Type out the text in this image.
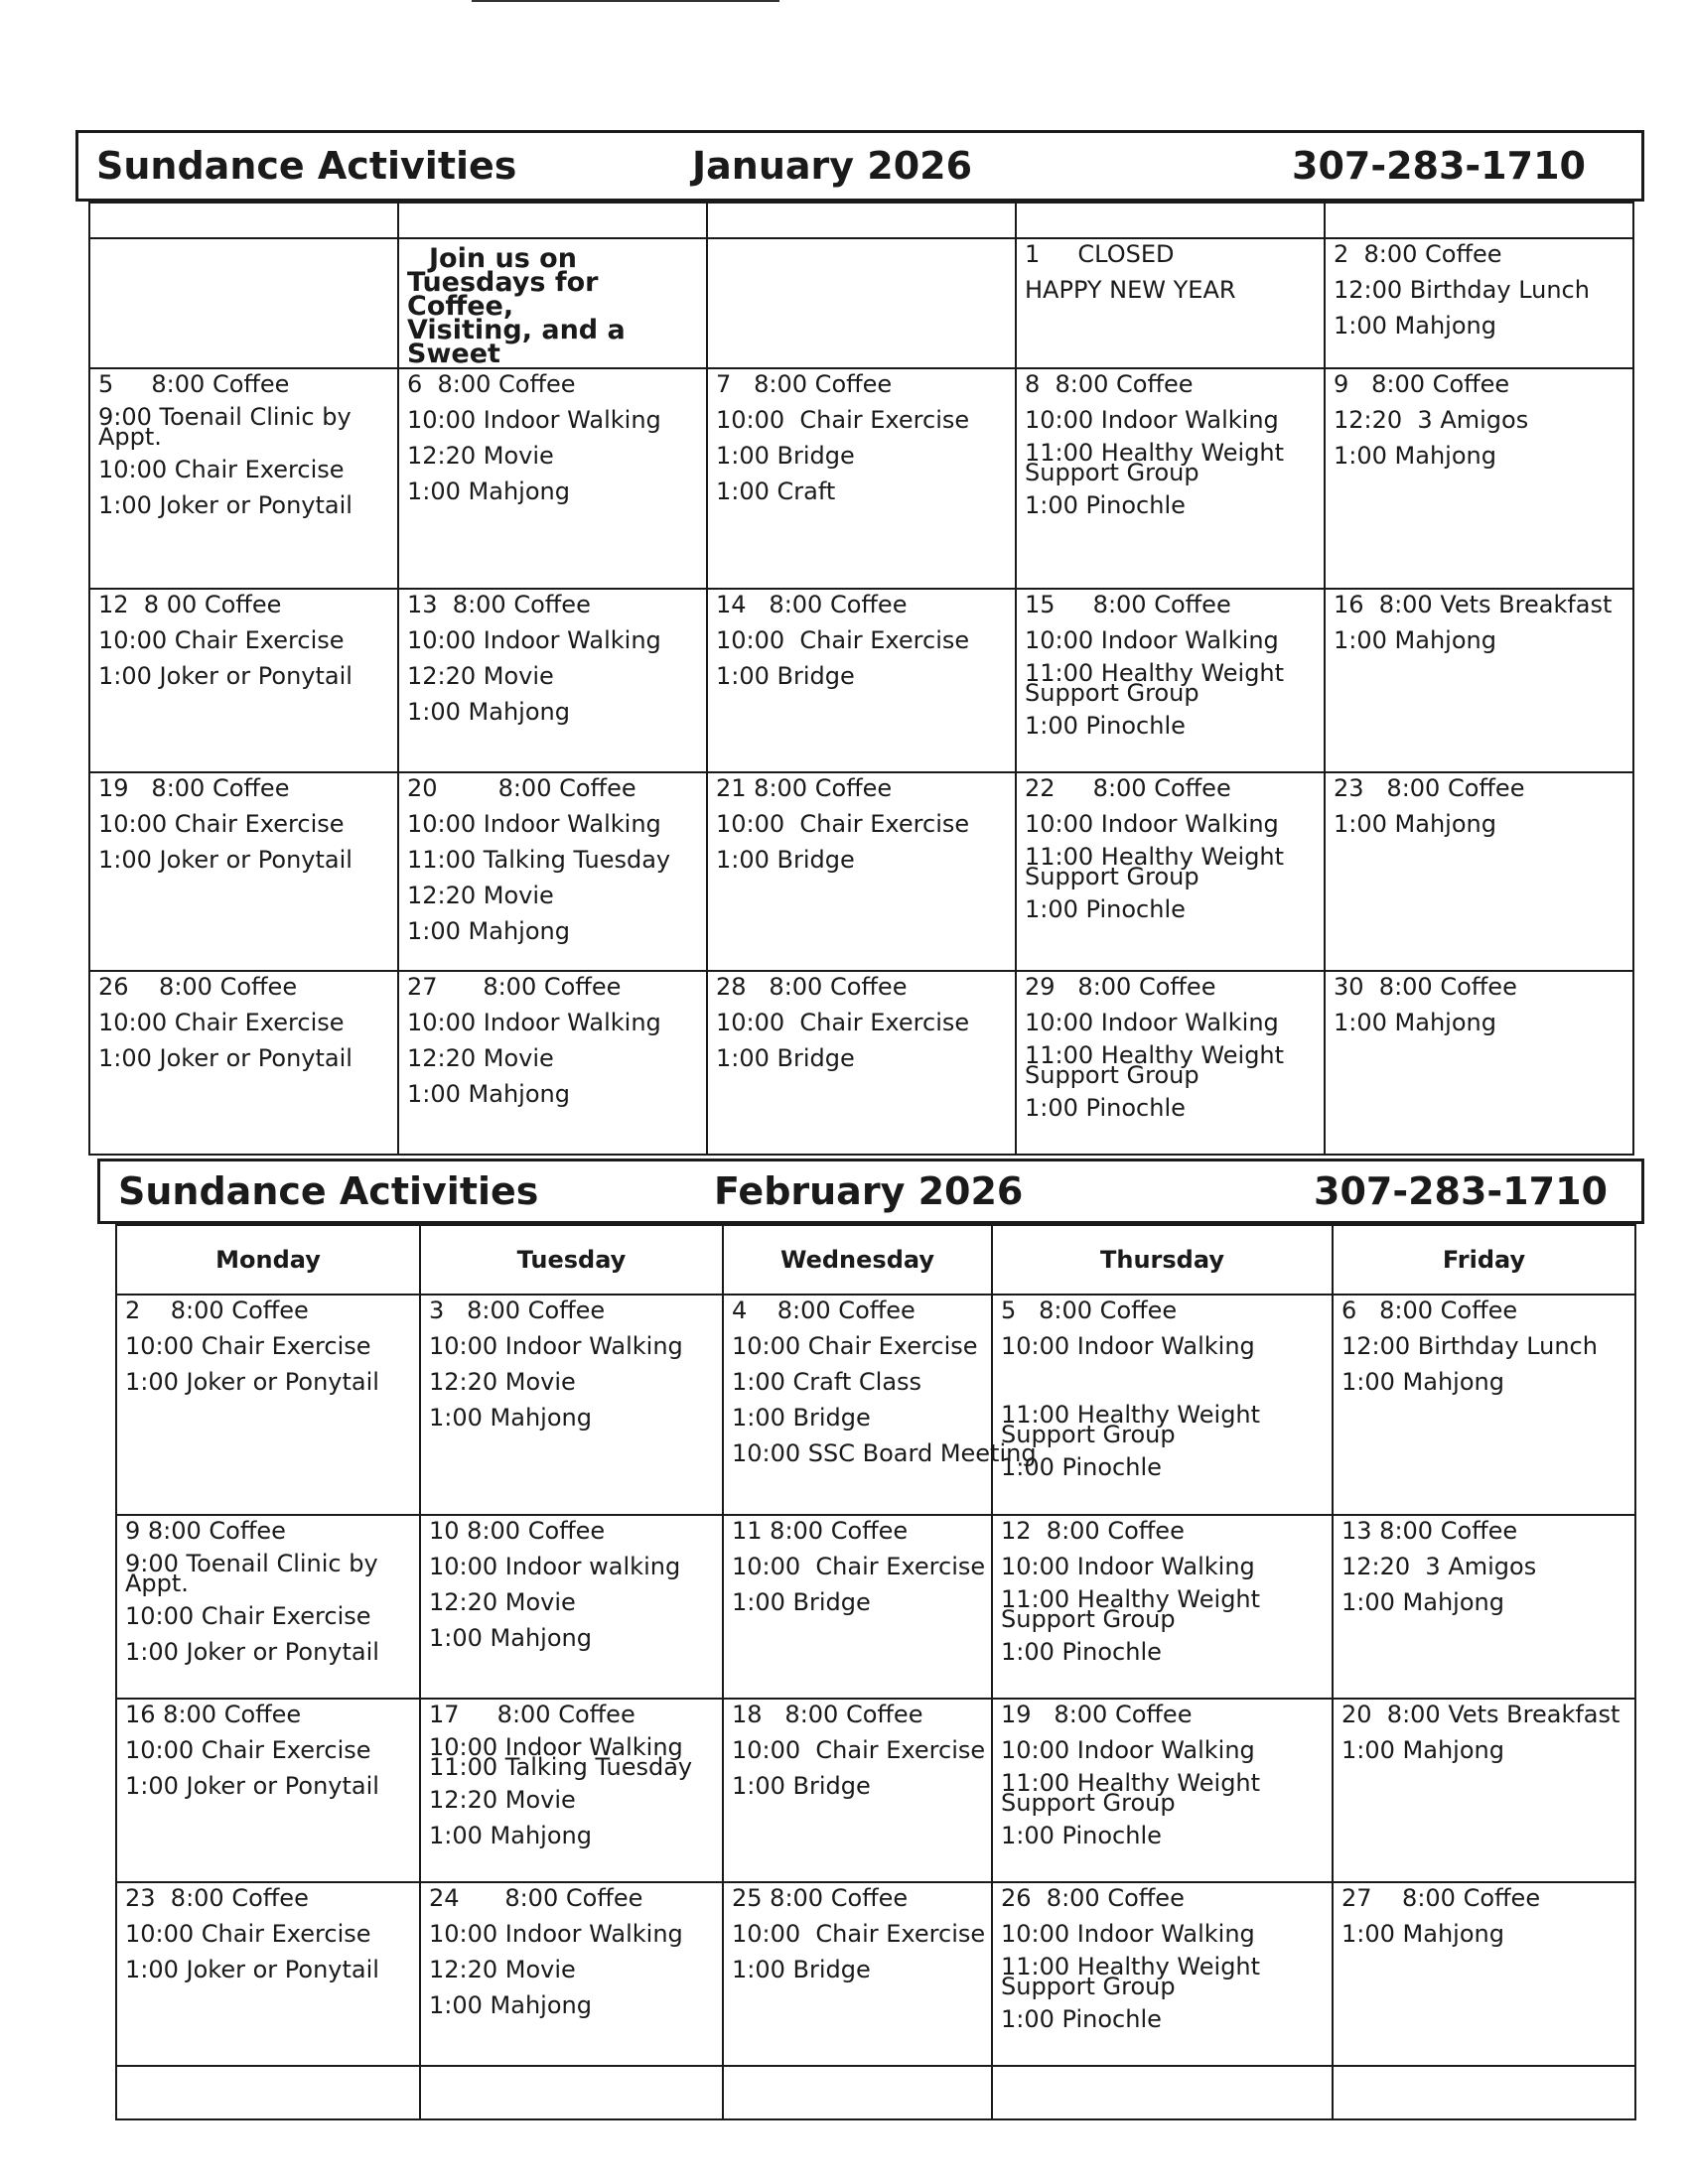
Sundance Activities	January 2026	307-283-1710

	Join us on
Tuesdays for Coffee,
Visiting, and a Sweet		1     CLOSED
HAPPY NEW YEAR	2  8:00 Coffee
12:00 Birthday Lunch
1:00 Mahjong

5     8:00 Coffee
9:00 Toenail Clinic by Appt.
10:00 Chair Exercise
1:00 Joker or Ponytail	6  8:00 Coffee
10:00 Indoor Walking
12:20 Movie
1:00 Mahjong	7   8:00 Coffee
10:00  Chair Exercise
1:00 Bridge
1:00 Craft	8  8:00 Coffee
10:00 Indoor Walking
11:00 Healthy Weight Support Group
1:00 Pinochle	9   8:00 Coffee
12:20  3 Amigos
1:00 Mahjong

12  8 00 Coffee
10:00 Chair Exercise
1:00 Joker or Ponytail	13  8:00 Coffee
10:00 Indoor Walking
12:20 Movie
1:00 Mahjong	14   8:00 Coffee
10:00  Chair Exercise
1:00 Bridge	15     8:00 Coffee
10:00 Indoor Walking
11:00 Healthy Weight Support Group
1:00 Pinochle	16  8:00 Vets Breakfast
1:00 Mahjong

19   8:00 Coffee
10:00 Chair Exercise
1:00 Joker or Ponytail	20        8:00 Coffee
10:00 Indoor Walking
11:00 Talking Tuesday
12:20 Movie
1:00 Mahjong	21 8:00 Coffee
10:00  Chair Exercise
1:00 Bridge	22     8:00 Coffee
10:00 Indoor Walking
11:00 Healthy Weight Support Group
1:00 Pinochle	23   8:00 Coffee
1:00 Mahjong

26    8:00 Coffee
10:00 Chair Exercise
1:00 Joker or Ponytail	27      8:00 Coffee
10:00 Indoor Walking
12:20 Movie
1:00 Mahjong	28   8:00 Coffee
10:00  Chair Exercise
1:00 Bridge	29   8:00 Coffee
10:00 Indoor Walking
11:00 Healthy Weight Support Group
1:00 Pinochle	30  8:00 Coffee
1:00 Mahjong
Sundance Activities	February 2026	307-283-1710
Monday	Tuesday	Wednesday	Thursday	Friday

2    8:00 Coffee
10:00 Chair Exercise
1:00 Joker or Ponytail	3   8:00 Coffee
10:00 Indoor Walking
12:20 Movie
1:00 Mahjong	4    8:00 Coffee
10:00 Chair Exercise
1:00 Craft Class
1:00 Bridge
10:00 SSC Board Meeting	5   8:00 Coffee
10:00 Indoor Walking
11:00 Healthy Weight Support Group
1:00 Pinochle	6   8:00 Coffee
12:00 Birthday Lunch
1:00 Mahjong

9 8:00 Coffee
9:00 Toenail Clinic by Appt.
10:00 Chair Exercise
1:00 Joker or Ponytail	10 8:00 Coffee
10:00 Indoor walking
12:20 Movie
1:00 Mahjong	11 8:00 Coffee
10:00  Chair Exercise
1:00 Bridge	12  8:00 Coffee
10:00 Indoor Walking
11:00 Healthy Weight Support Group
1:00 Pinochle	13 8:00 Coffee
12:20  3 Amigos
1:00 Mahjong

16 8:00 Coffee
10:00 Chair Exercise
1:00 Joker or Ponytail	17     8:00 Coffee
10:00 Indoor Walking 11:00 Talking Tuesday
12:20 Movie
1:00 Mahjong	18   8:00 Coffee
10:00  Chair Exercise
1:00 Bridge	19   8:00 Coffee
10:00 Indoor Walking
11:00 Healthy Weight Support Group
1:00 Pinochle	20  8:00 Vets Breakfast
1:00 Mahjong

23  8:00 Coffee
10:00 Chair Exercise
1:00 Joker or Ponytail	24      8:00 Coffee
10:00 Indoor Walking
12:20 Movie
1:00 Mahjong	25 8:00 Coffee
10:00  Chair Exercise
1:00 Bridge	26  8:00 Coffee
10:00 Indoor Walking
11:00 Healthy Weight Support Group
1:00 Pinochle	27    8:00 Coffee
1:00 Mahjong
